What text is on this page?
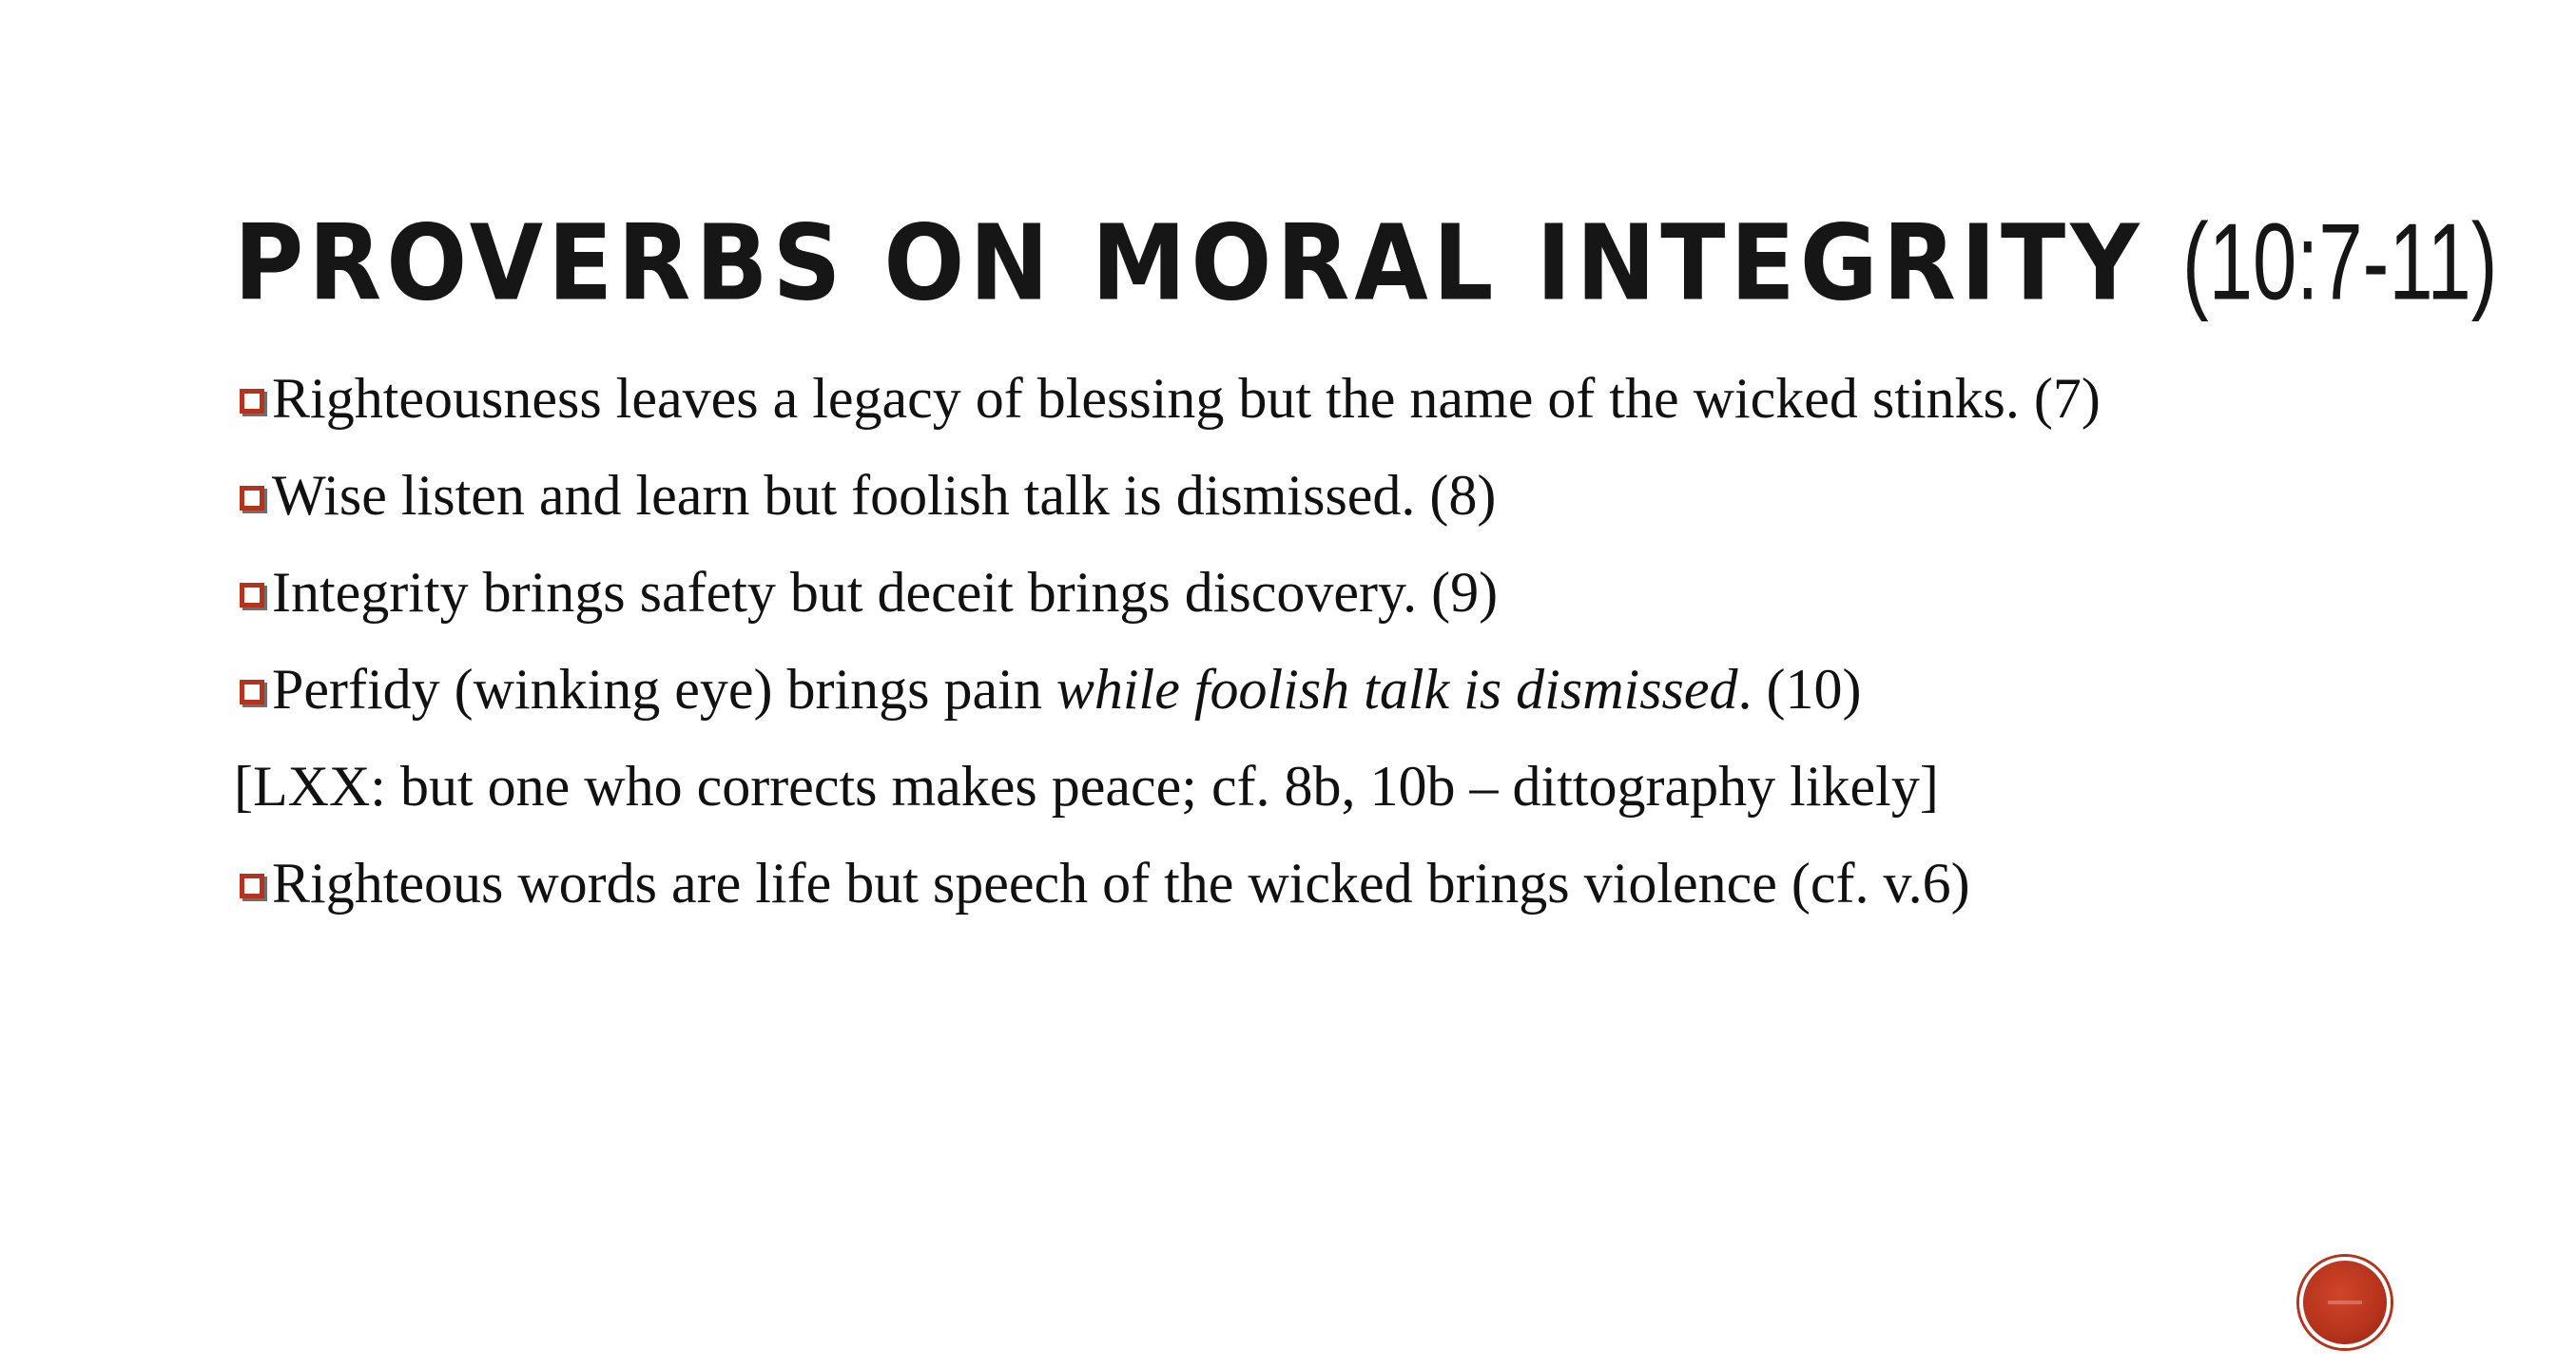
PROVERBS ON MORAL INTEGRITY (10:7-11)
Righteousness leaves a legacy of blessing but the name of the wicked stinks. (7)
Wise listen and learn but foolish talk is dismissed. (8)
Integrity brings safety but deceit brings discovery. (9)
Perfidy (winking eye) brings pain while foolish talk is dismissed. (10)
[LXX: but one who corrects makes peace; cf. 8b, 10b – dittography likely]
Righteous words are life but speech of the wicked brings violence (cf. v.6)
